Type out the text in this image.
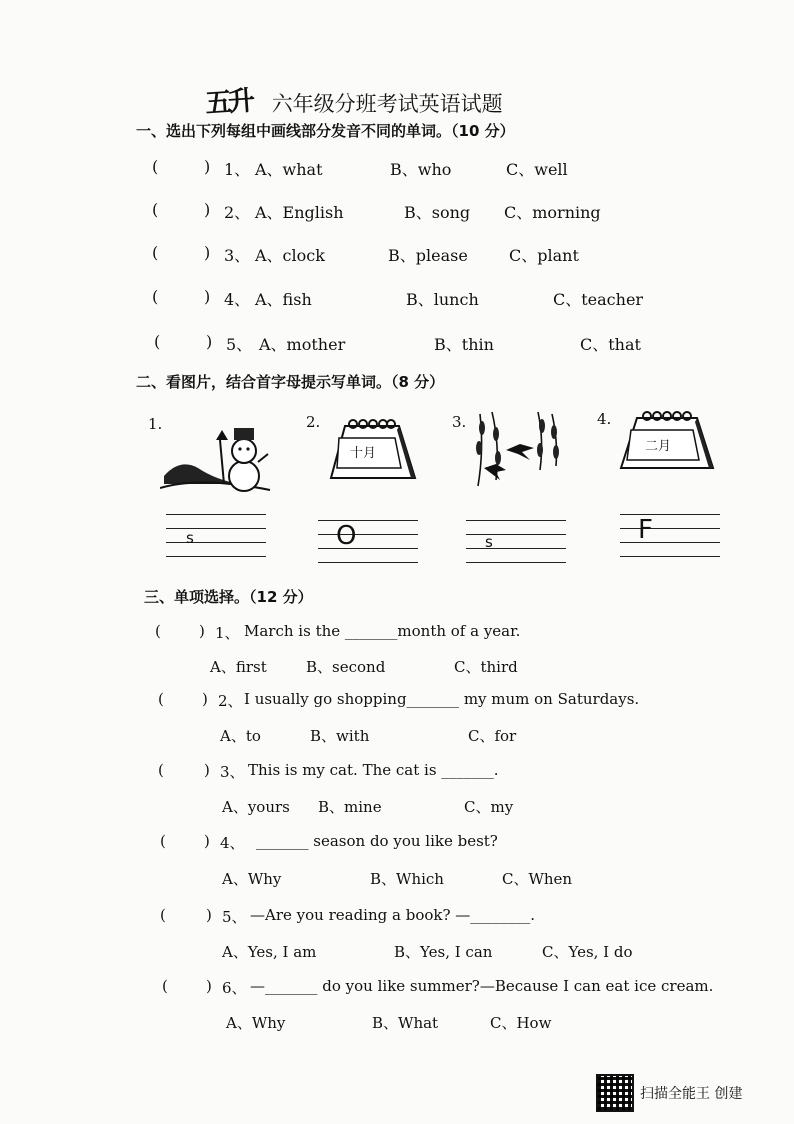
五升 六年级分班考试英语试题
一、选出下列每组中画线部分发音不同的单词。（10 分）
(	) 1、 A、what	B、who	C、well
(	) 2、 A、English	B、song C、morning
(	) 3、 A、clock	B、please	C、plant
(	) 4、 A、fish	B、lunch	C、teacher
(	) 5、 A、mother	B、thin	C、that
二、看图片，结合首字母提示写单词。（8 分）
1.
s
2.
十月
O
3.
s
4.
二月
F
三、单项选择。（12 分）
(	) 1、 March is the _______month of a year.
A、first	B、second	C、third
(	) 2、 I usually go shopping_______ my mum on Saturdays.
A、to	B、with	C、for
(	) 3、 This is my cat. The cat is _______.
A、yours B、mine	C、my
(	) 4、 _______ season do you like best?
A、Why	B、Which	C、When
(	) 5、 —Are you reading a book? —________.
A、Yes, I am	B、Yes, I can	C、Yes, I do
(	) 6、 —_______ do you like summer?—Because I can eat ice cream.
A、Why	B、What	C、How
扫描全能王 创建
